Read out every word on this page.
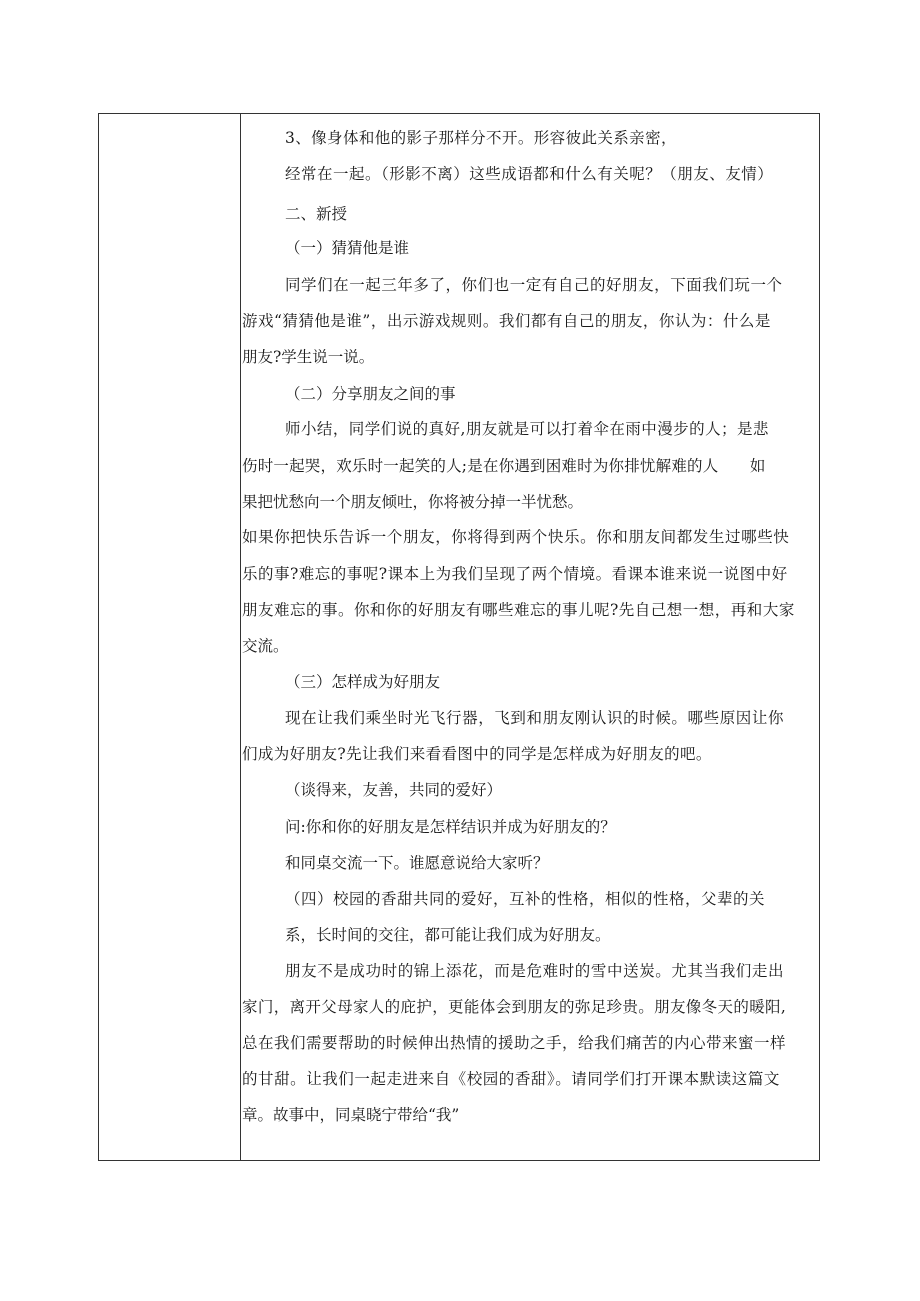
3、像身体和他的影子那样分不开。形容彼此关系亲密，
经常在一起。（形影不离）这些成语都和什么有关呢？（朋友、友情）
二、新授
（一）猜猜他是谁
同学们在一起三年多了，你们也一定有自己的好朋友，下面我们玩一个
游戏“猜猜他是谁”，出示游戏规则。我们都有自己的朋友，你认为：什么是
朋友?学生说一说。
（二）分享朋友之间的事
师小结，同学们说的真好,朋友就是可以打着伞在雨中漫步的人；是悲
伤时一起哭，欢乐时一起笑的人;是在你遇到困难时为你排忧解难的人　　如
果把忧愁向一个朋友倾吐，你将被分掉一半忧愁。
如果你把快乐告诉一个朋友，你将得到两个快乐。你和朋友间都发生过哪些快
乐的事?难忘的事呢?课本上为我们呈现了两个情境。看课本谁来说一说图中好
朋友难忘的事。你和你的好朋友有哪些难忘的事儿呢?先自己想一想，再和大家
交流。
（三）怎样成为好朋友
现在让我们乘坐时光飞行器，飞到和朋友刚认识的时候。哪些原因让你
们成为好朋友?先让我们来看看图中的同学是怎样成为好朋友的吧。
（谈得来，友善，共同的爱好）
问:你和你的好朋友是怎样结识并成为好朋友的？
和同桌交流一下。谁愿意说给大家听？
（四）校园的香甜共同的爱好，互补的性格，相似的性格，父辈的关
系，长时间的交往，都可能让我们成为好朋友。
朋友不是成功时的锦上添花，而是危难时的雪中送炭。尤其当我们走出
家门，离开父母家人的庇护，更能体会到朋友的弥足珍贵。朋友像冬天的暖阳,
总在我们需要帮助的时候伸出热情的援助之手，给我们痛苦的内心带来蜜一样
的甘甜。让我们一起走进来自《校园的香甜》。请同学们打开课本默读这篇文
章。故事中，同桌晓宁带给“我”
